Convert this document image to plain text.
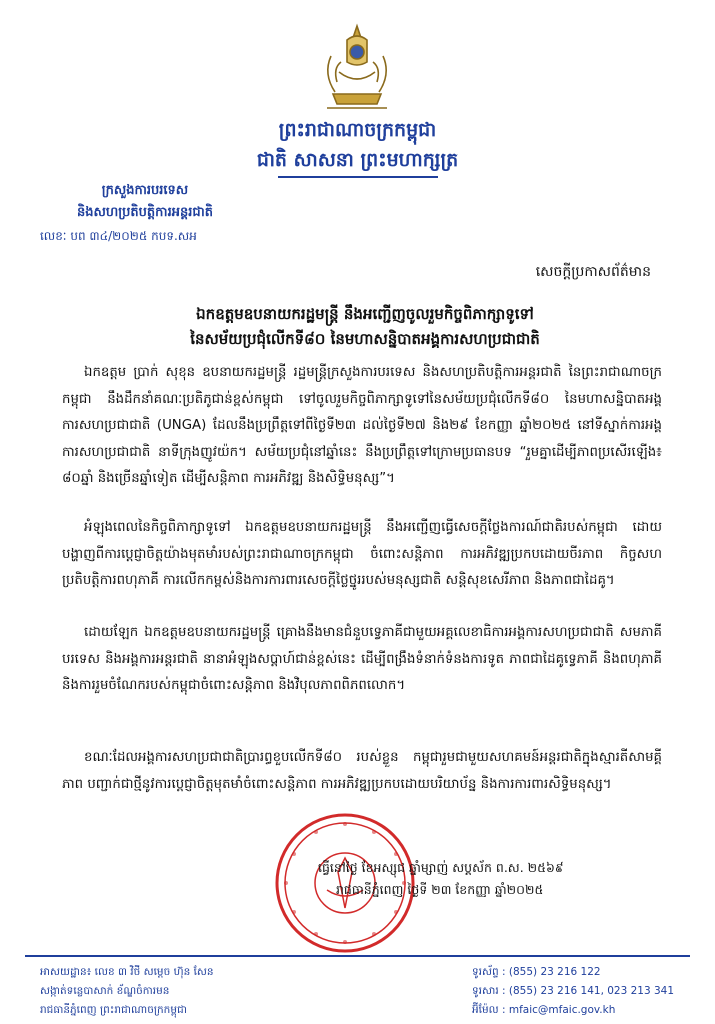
ព្រះរាជាណាចក្រកម្ពុជា
ជាតិ សាសនា ព្រះមហាក្សត្រ
ក្រសួងការបរទេស
និងសហប្រតិបត្តិការអន្តរជាតិ
លេខៈ បព ៣៤/២០២៥ កបទ.សអ
សេចក្តីប្រកាសព័ត៌មាន
ឯកឧត្តមឧបនាយករដ្ឋមន្ត្រី នឹងអញ្ជើញចូលរួមកិច្ចពិភាក្សាទូទៅ
នៃសម័យប្រជុំលើកទី៨០ នៃមហាសន្និបាតអង្គការសហប្រជាជាតិ
ឯកឧត្តម ប្រាក់ សុខុន ឧបនាយករដ្ឋមន្ត្រី រដ្ឋមន្ត្រីក្រសួងការបរទេស និងសហប្រតិបត្តិការអន្តរជាតិ នៃព្រះរាជាណាចក្រកម្ពុជា នឹងដឹកនាំគណៈប្រតិភូជាន់ខ្ពស់កម្ពុជា ទៅចូលរួមកិច្ចពិភាក្សាទូទៅនៃសម័យប្រជុំលើកទី៨០ នៃមហាសន្និបាតអង្គការសហប្រជាជាតិ (UNGA) ដែលនឹងប្រព្រឹត្តទៅពីថ្ងៃទី២៣ ដល់ថ្ងៃទី២៧ និង២៩ ខែកញ្ញា ឆ្នាំ២០២៥ នៅទីស្នាក់ការអង្គការសហប្រជាជាតិ នាទីក្រុងញូវយ៉ក។ សម័យប្រជុំនៅឆ្នាំនេះ នឹងប្រព្រឹត្តទៅក្រោមប្រធានបទ “រួមគ្នាដើម្បីភាពប្រសើរឡើង៖ ៨០ឆ្នាំ និងច្រើនឆ្នាំទៀត ដើម្បីសន្តិភាព ការអភិវឌ្ឍ និងសិទ្ធិមនុស្ស”។
អំឡុងពេលនៃកិច្ចពិភាក្សាទូទៅ ឯកឧត្តមឧបនាយករដ្ឋមន្ត្រី នឹងអញ្ជើញធ្វើសេចក្តីថ្លែងការណ៍ជាតិរបស់កម្ពុជា ដោយបង្ហាញពីការប្តេជ្ញាចិត្តយ៉ាងមុតមាំរបស់ព្រះរាជាណាចក្រកម្ពុជា ចំពោះសន្តិភាព ការអភិវឌ្ឍប្រកបដោយចីរភាព កិច្ចសហប្រតិបត្តិការពហុភាគី ការលើកកម្ពស់និងការការពារសេចក្តីថ្លៃថ្នូររបស់មនុស្សជាតិ សន្តិសុខសេរីភាព និងភាពជាដៃគូ។
ដោយឡែក ឯកឧត្តមឧបនាយករដ្ឋមន្ត្រី គ្រោងនឹងមានជំនួបទ្វេភាគីជាមួយអគ្គលេខាធិការអង្គការសហប្រជាជាតិ សមភាគីបរទេស និងអង្គការអន្តរជាតិ នានាអំឡុងសប្តាហ៍ជាន់ខ្ពស់នេះ ដើម្បីពង្រឹងទំនាក់ទំនងការទូត ភាពជាដៃគូទ្វេភាគី និងពហុភាគី និងការរួមចំណែករបស់កម្ពុជាចំពោះសន្តិភាព និងវិបុលភាពពិភពលោក។
ខណៈដែលអង្គការសហប្រជាជាតិប្រារព្ធខួបលើកទី៨០ របស់ខ្លួន កម្ពុជារួមជាមួយសហគមន៍អន្តរជាតិក្នុងស្មារតីសាមគ្គីភាព បញ្ជាក់ជាថ្មីនូវការប្តេជ្ញាចិត្តមុតមាំចំពោះសន្តិភាព ការអភិវឌ្ឍប្រកបដោយបរិយាប័ន្ន និងការការពារសិទ្ធិមនុស្ស។
ធ្វើនៅថ្ងៃ ខែអស្សុជ ឆ្នាំម្សាញ់ សប្តស័ក ព.ស. ២៥៦៩
រាជធានីភ្នំពេញ ថ្ងៃទី ២៣ ខែកញ្ញា ឆ្នាំ២០២៥
អាសយដ្ឋាន៖ លេខ ៣ វិថី សម្តេច ហ៊ុន សែន
សង្កាត់ទន្លេបាសាក់ ខ័ណ្ឌចំការមន
រាជធានីភ្នំពេញ ព្រះរាជាណាចក្រកម្ពុជា
ទូរស័ព្ទ : (855) 23 216 122
ទូរសារ : (855) 23 216 141, 023 213 341
អ៊ីម៉ែល : mfaic@mfaic.gov.kh
